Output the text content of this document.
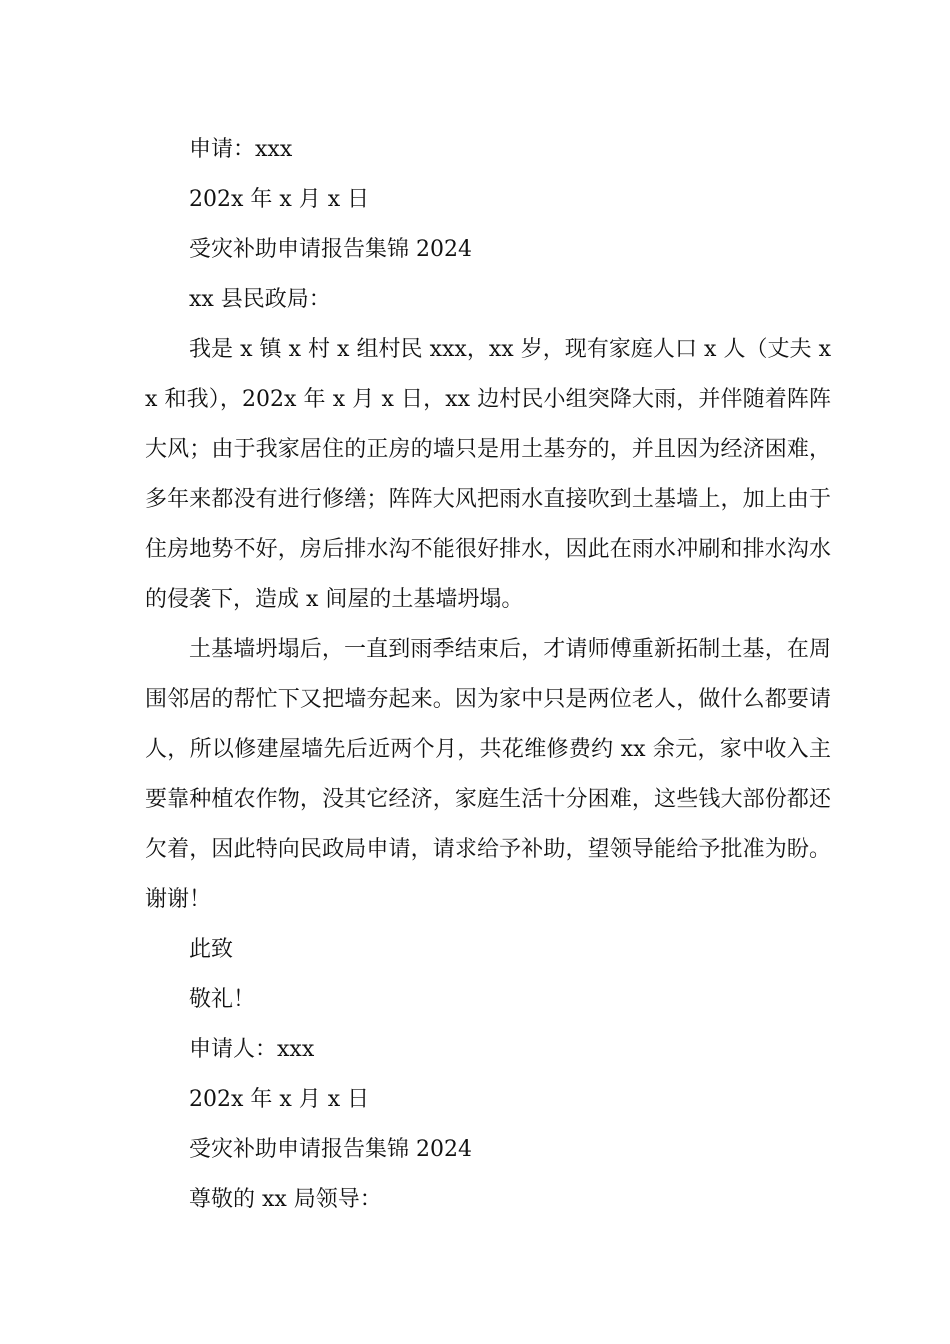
申请：xxx

202x 年 x 月 x 日

受灾补助申请报告集锦 2024

xx 县民政局：

我是 x 镇 x 村 x 组村民 xxx，xx 岁，现有家庭人口 x 人（丈夫 xx 和我），202x 年 x 月 x 日，xx 边村民小组突降大雨，并伴随着阵阵大风；由于我家居住的正房的墙只是用土基夯的，并且因为经济困难，多年来都没有进行修缮；阵阵大风把雨水直接吹到土基墙上，加上由于住房地势不好，房后排水沟不能很好排水，因此在雨水冲刷和排水沟水的侵袭下，造成 x 间屋的土基墙坍塌。

土基墙坍塌后，一直到雨季结束后，才请师傅重新拓制土基，在周围邻居的帮忙下又把墙夯起来。因为家中只是两位老人，做什么都要请人，所以修建屋墙先后近两个月，共花维修费约 xx 余元，家中收入主要靠种植农作物，没其它经济，家庭生活十分困难，这些钱大部份都还欠着，因此特向民政局申请，请求给予补助，望领导能给予批准为盼。谢谢！

此致

敬礼！

申请人：xxx

202x 年 x 月 x 日

受灾补助申请报告集锦 2024

尊敬的 xx 局领导：
